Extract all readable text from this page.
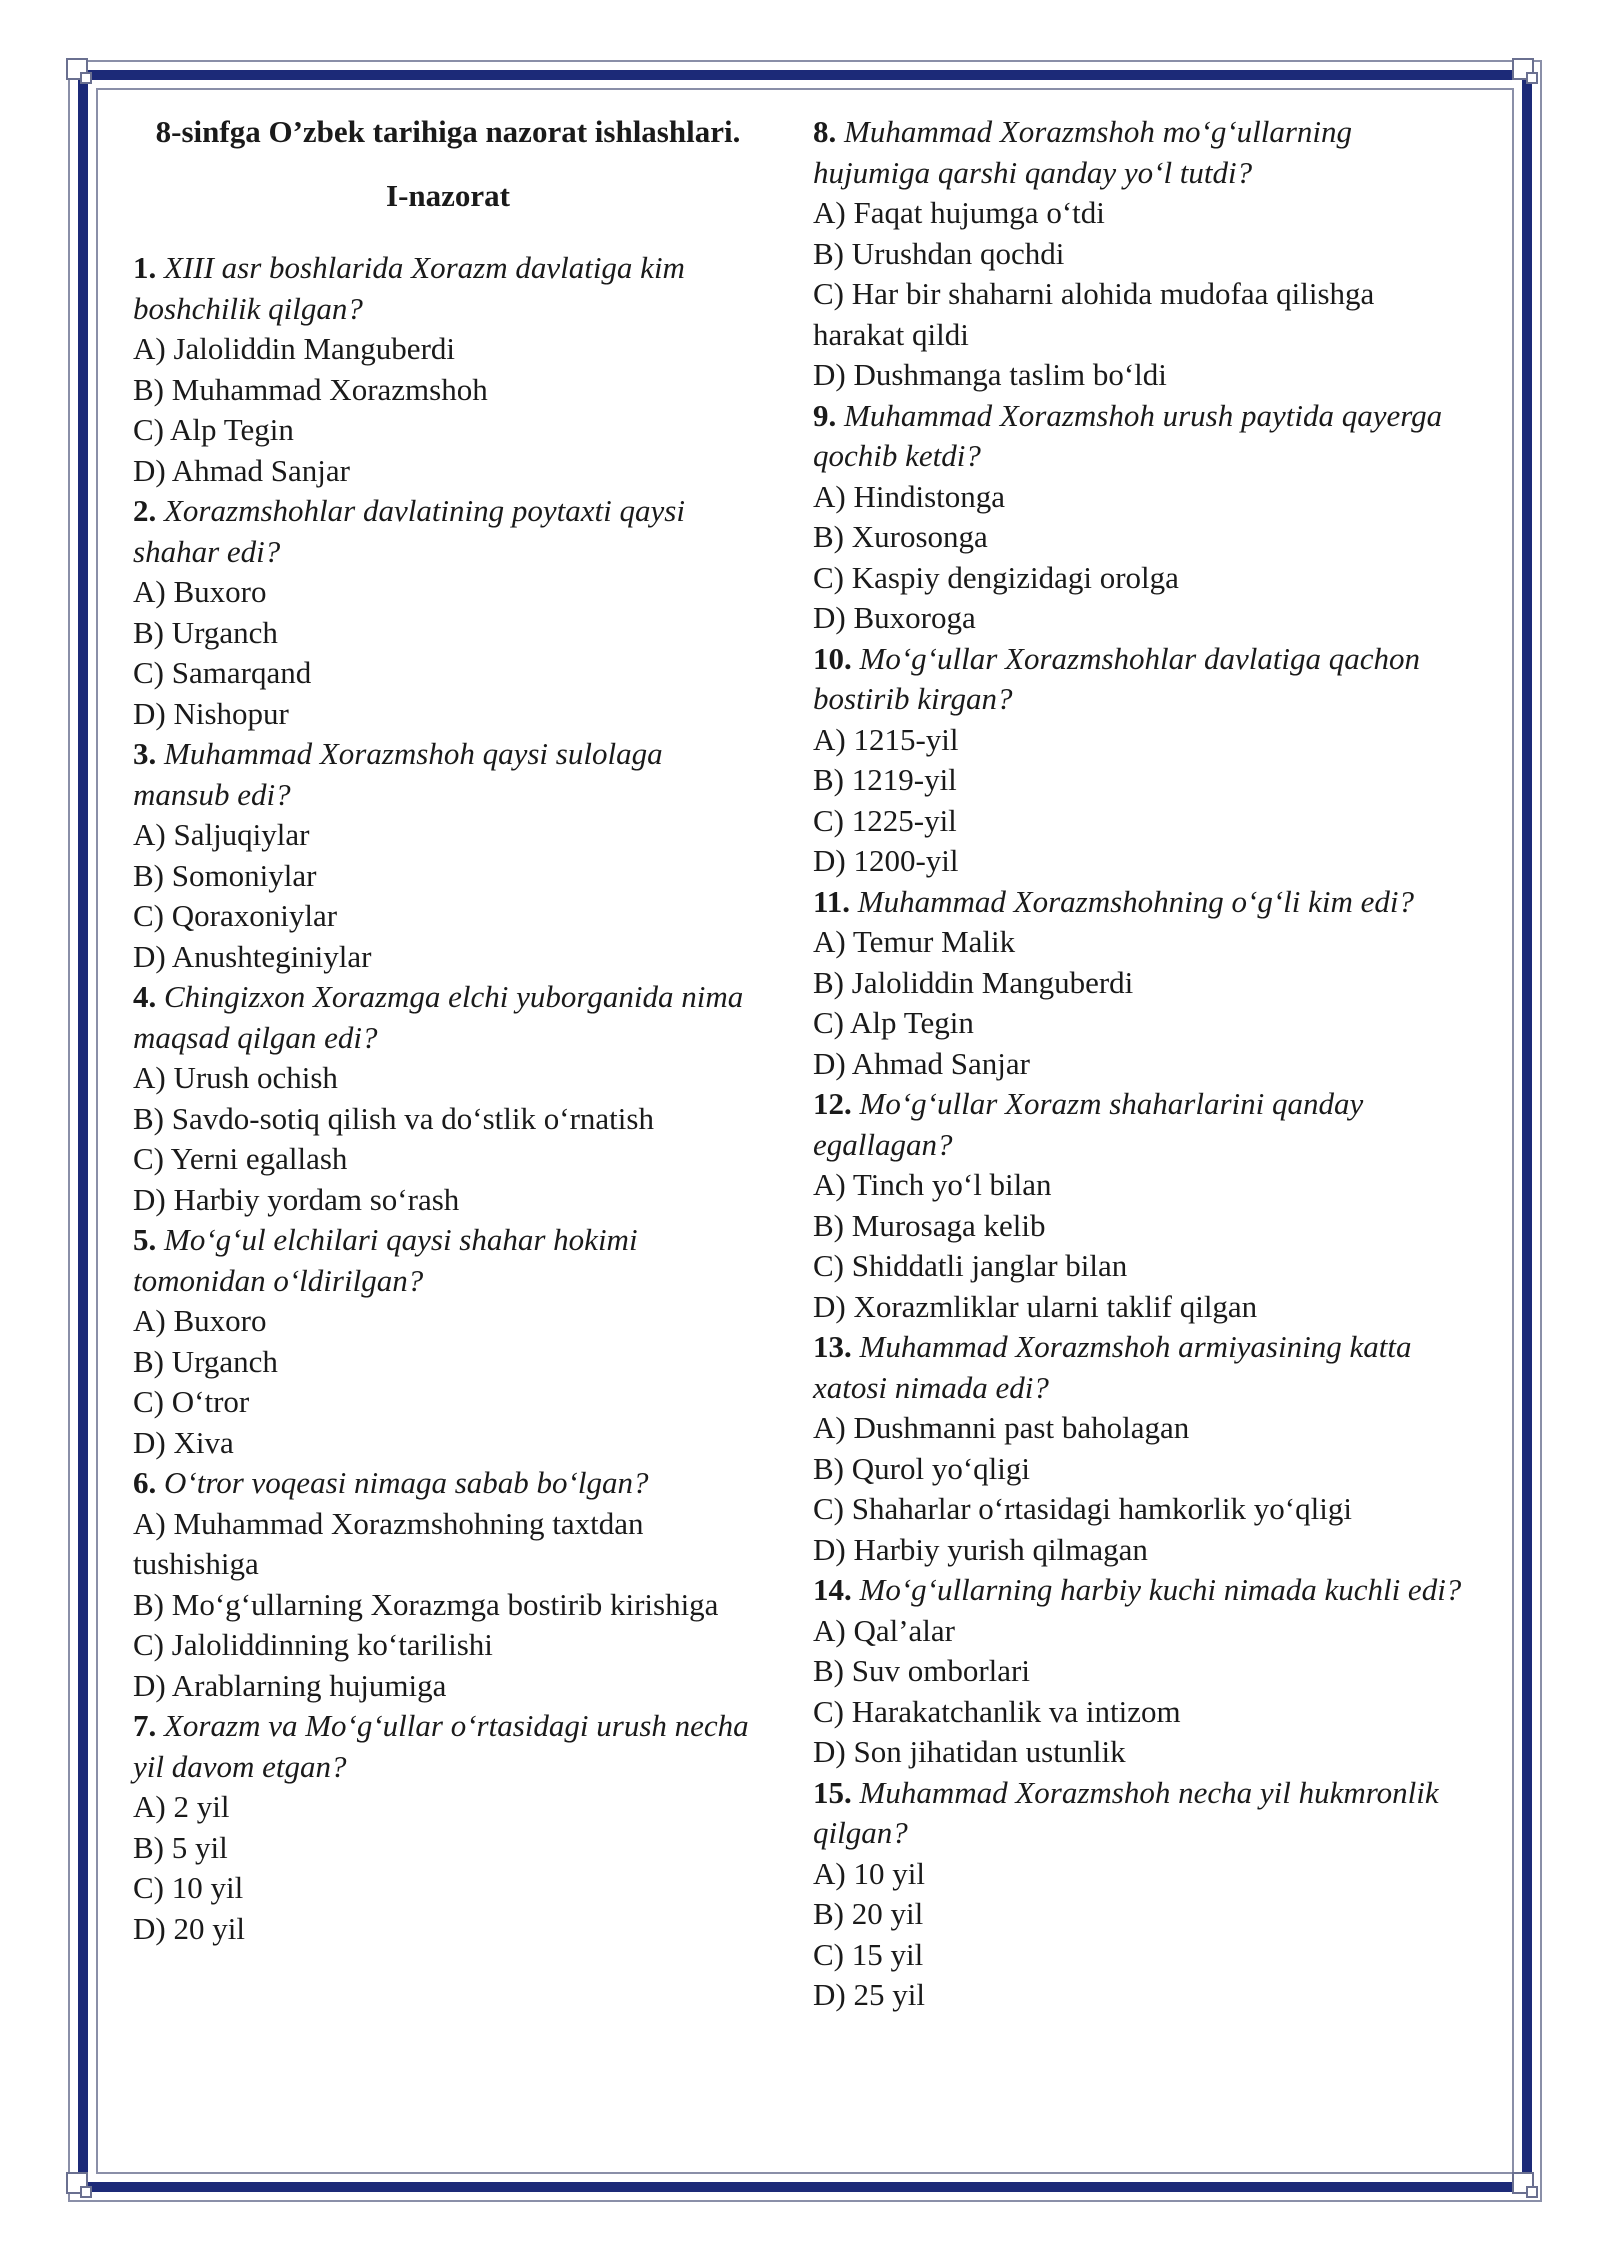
8-sinfga O’zbek tarihiga nazorat ishlashlari.

I-nazorat

1. XIII asr boshlarida Xorazm davlatiga kim boshchilik qilgan?

A) Jaloliddin Manguberdi

B) Muhammad Xorazmshoh

C) Alp Tegin

D) Ahmad Sanjar

2. Xorazmshohlar davlatining poytaxti qaysi shahar edi?

A) Buxoro

B) Urganch

C) Samarqand

D) Nishopur

3. Muhammad Xorazmshoh qaysi sulolaga mansub edi?

A) Saljuqiylar

B) Somoniylar

C) Qoraxoniylar

D) Anushteginiylar

4. Chingizxon Xorazmga elchi yuborganida nima maqsad qilgan edi?

A) Urush ochish

B) Savdo-sotiq qilish va do‘stlik o‘rnatish

C) Yerni egallash

D) Harbiy yordam so‘rash

5. Mo‘g‘ul elchilari qaysi shahar hokimi tomonidan o‘ldirilgan?

A) Buxoro

B) Urganch

C) O‘tror

D) Xiva

6. O‘tror voqeasi nimaga sabab bo‘lgan?

A) Muhammad Xorazmshohning taxtdan tushishiga

B) Mo‘g‘ullarning Xorazmga bostirib kirishiga

C) Jaloliddinning ko‘tarilishi

D) Arablarning hujumiga

7. Xorazm va Mo‘g‘ullar o‘rtasidagi urush necha yil davom etgan?

A) 2 yil

B) 5 yil

C) 10 yil

D) 20 yil

8. Muhammad Xorazmshoh mo‘g‘ullarning hujumiga qarshi qanday yo‘l tutdi?

A) Faqat hujumga o‘tdi

B) Urushdan qochdi

C) Har bir shaharni alohida mudofaa qilishga harakat qildi

D) Dushmanga taslim bo‘ldi

9. Muhammad Xorazmshoh urush paytida qayerga qochib ketdi?

A) Hindistonga

B) Xurosonga

C) Kaspiy dengizidagi orolga

D) Buxoroga

10. Mo‘g‘ullar Xorazmshohlar davlatiga qachon bostirib kirgan?

A) 1215-yil

B) 1219-yil

C) 1225-yil

D) 1200-yil

11. Muhammad Xorazmshohning o‘g‘li kim edi?

A) Temur Malik

B) Jaloliddin Manguberdi

C) Alp Tegin

D) Ahmad Sanjar

12. Mo‘g‘ullar Xorazm shaharlarini qanday egallagan?

A) Tinch yo‘l bilan

B) Murosaga kelib

C) Shiddatli janglar bilan

D) Xorazmliklar ularni taklif qilgan

13. Muhammad Xorazmshoh armiyasining katta xatosi nimada edi?

A) Dushmanni past baholagan

B) Qurol yo‘qligi

C) Shaharlar o‘rtasidagi hamkorlik yo‘qligi

D) Harbiy yurish qilmagan

14. Mo‘g‘ullarning harbiy kuchi nimada kuchli edi?

A) Qal’alar

B) Suv omborlari

C) Harakatchanlik va intizom

D) Son jihatidan ustunlik

15. Muhammad Xorazmshoh necha yil hukmronlik qilgan?

A) 10 yil

B) 20 yil

C) 15 yil

D) 25 yil
